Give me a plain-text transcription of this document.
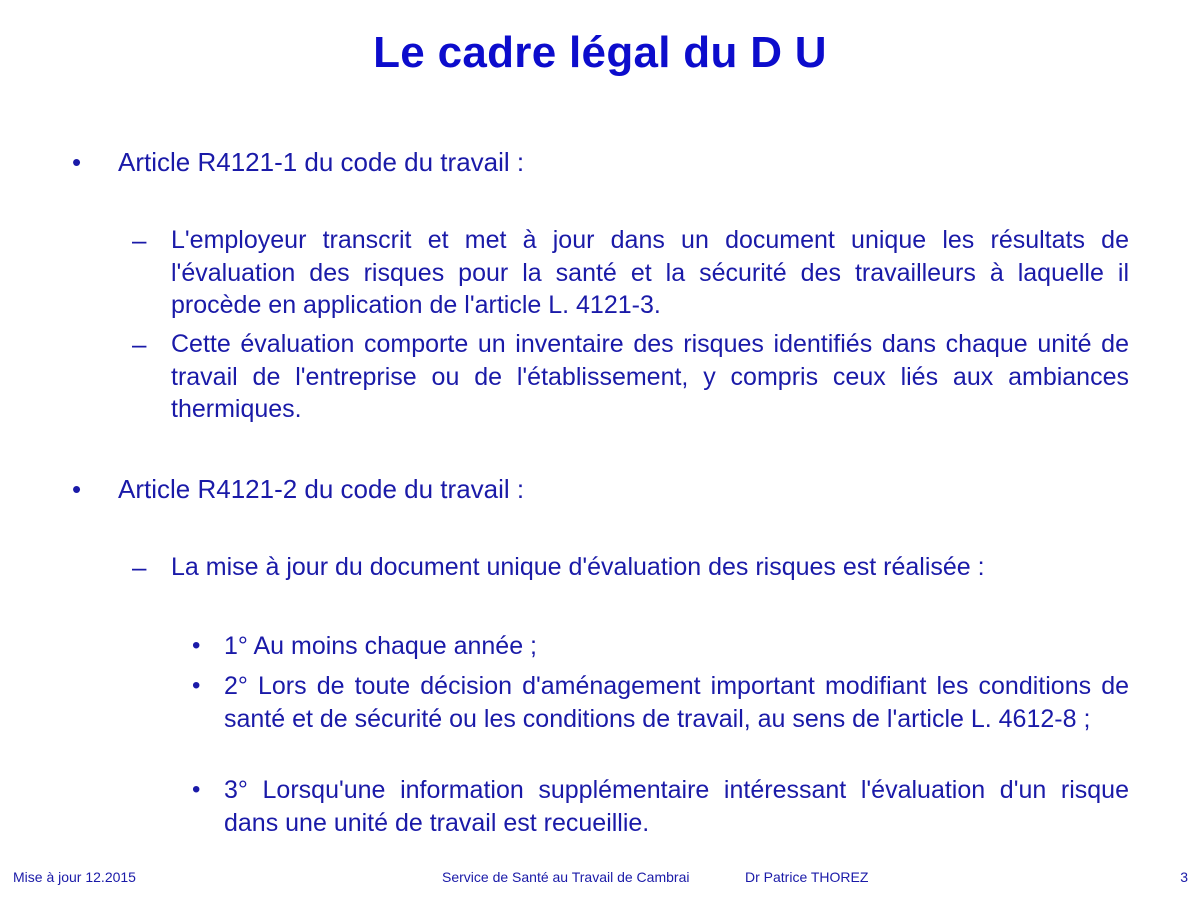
Le cadre légal du D U
•	Article R4121-1 du code du travail :
– L'employeur transcrit et met à jour dans un document unique les résultats de l'évaluation des risques pour la santé et la sécurité des travailleurs à laquelle il procède en application de l'article L. 4121-3.
– Cette évaluation comporte un inventaire des risques identifiés dans chaque unité de travail de l'entreprise ou de l'établissement, y compris ceux liés aux ambiances thermiques.
•	Article R4121-2 du code du travail :
– La mise à jour du document unique d'évaluation des risques est réalisée :
• 1° Au moins chaque année ;
• 2° Lors de toute décision d'aménagement important modifiant les conditions de santé et de sécurité ou les conditions de travail, au sens de l'article L. 4612-8 ;
• 3° Lorsqu'une information supplémentaire intéressant l'évaluation d'un risque dans une unité de travail est recueillie.
Mise à jour 12.2015	Service de Santé au Travail de Cambrai	Dr Patrice THOREZ	3
